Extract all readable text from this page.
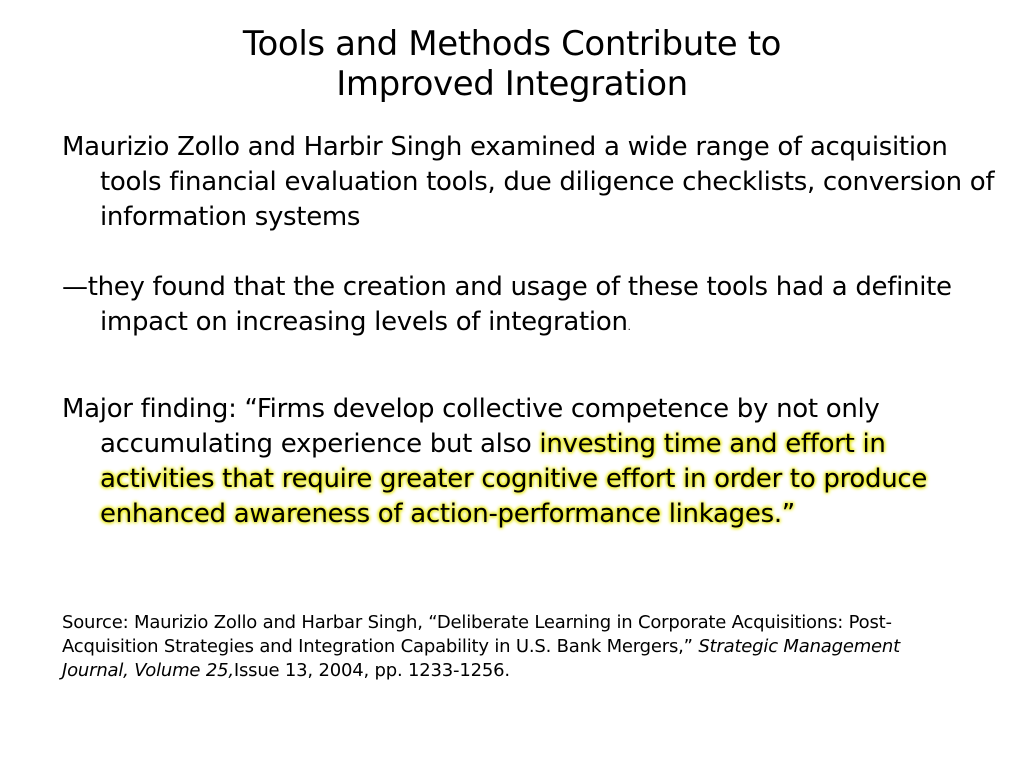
Tools and Methods Contribute to
Improved Integration
Maurizio Zollo and Harbir Singh examined a wide range of acquisition tools financial evaluation tools, due diligence checklists, conversion of information systems
—they found that the creation and usage of these tools had a definite impact on increasing levels of integration.
Major finding: “Firms develop collective competence by not only accumulating experience but also investing time and effort in activities that require greater cognitive effort in order to produce enhanced awareness of action-performance linkages.”
Source: Maurizio Zollo and Harbar Singh, “Deliberate Learning in Corporate Acquisitions: Post-Acquisition Strategies and Integration Capability in U.S. Bank Mergers,” Strategic Management Journal, Volume 25,Issue 13, 2004, pp. 1233-1256.
